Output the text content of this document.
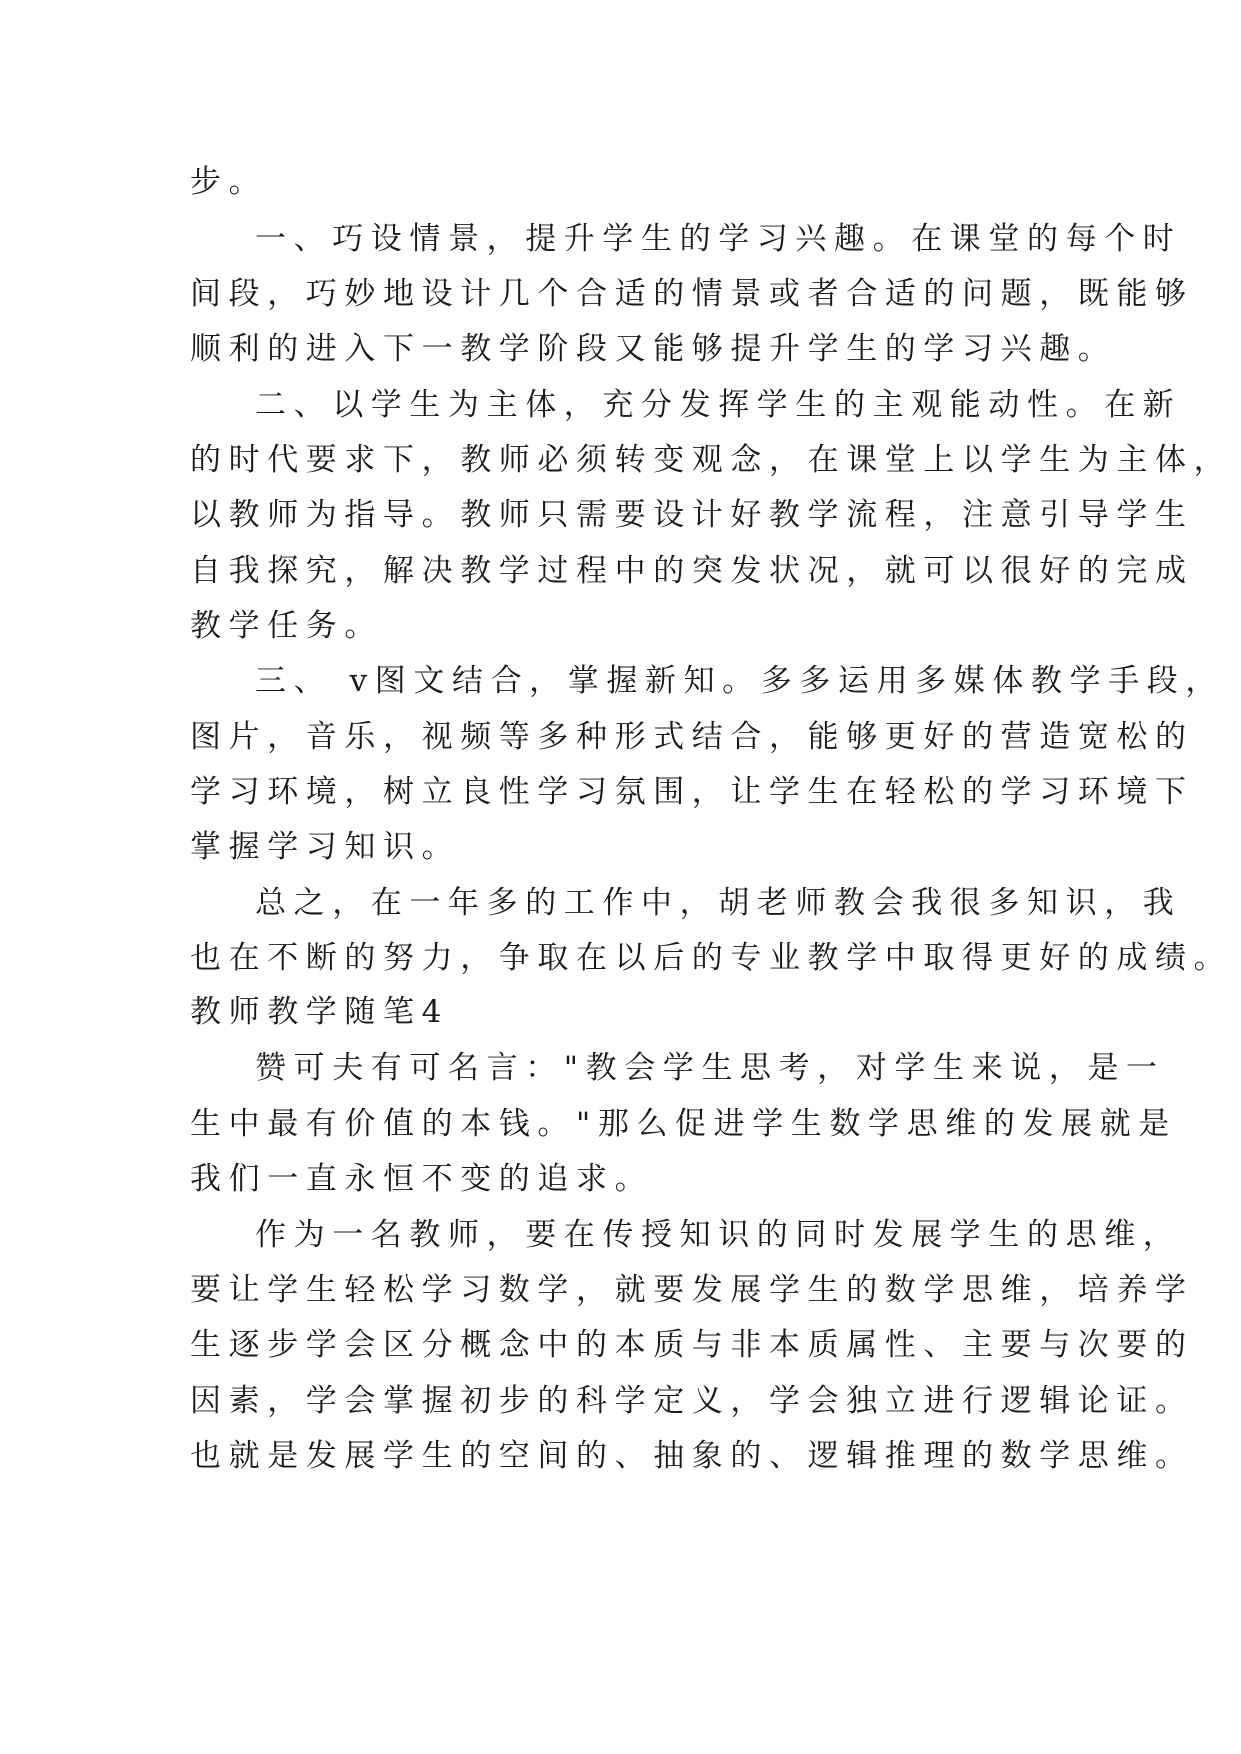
步。
一、巧设情景，提升学生的学习兴趣。在课堂的每个时
间段，巧妙地设计几个合适的情景或者合适的问题，既能够
顺利的进入下一教学阶段又能够提升学生的学习兴趣。
二、以学生为主体，充分发挥学生的主观能动性。在新
的时代要求下，教师必须转变观念，在课堂上以学生为主体，
以教师为指导。教师只需要设计好教学流程，注意引导学生
自我探究，解决教学过程中的突发状况，就可以很好的完成
教学任务。
三、 v图文结合，掌握新知。多多运用多媒体教学手段，
图片，音乐，视频等多种形式结合，能够更好的营造宽松的
学习环境，树立良性学习氛围，让学生在轻松的学习环境下
掌握学习知识。
总之，在一年多的工作中，胡老师教会我很多知识，我
也在不断的努力，争取在以后的专业教学中取得更好的成绩。
教师教学随笔4
赞可夫有可名言："教会学生思考，对学生来说，是一
生中最有价值的本钱。"那么促进学生数学思维的发展就是
我们一直永恒不变的追求。
作为一名教师，要在传授知识的同时发展学生的思维，
要让学生轻松学习数学，就要发展学生的数学思维，培养学
生逐步学会区分概念中的本质与非本质属性、主要与次要的
因素，学会掌握初步的科学定义，学会独立进行逻辑论证。
也就是发展学生的空间的、抽象的、逻辑推理的数学思维。
